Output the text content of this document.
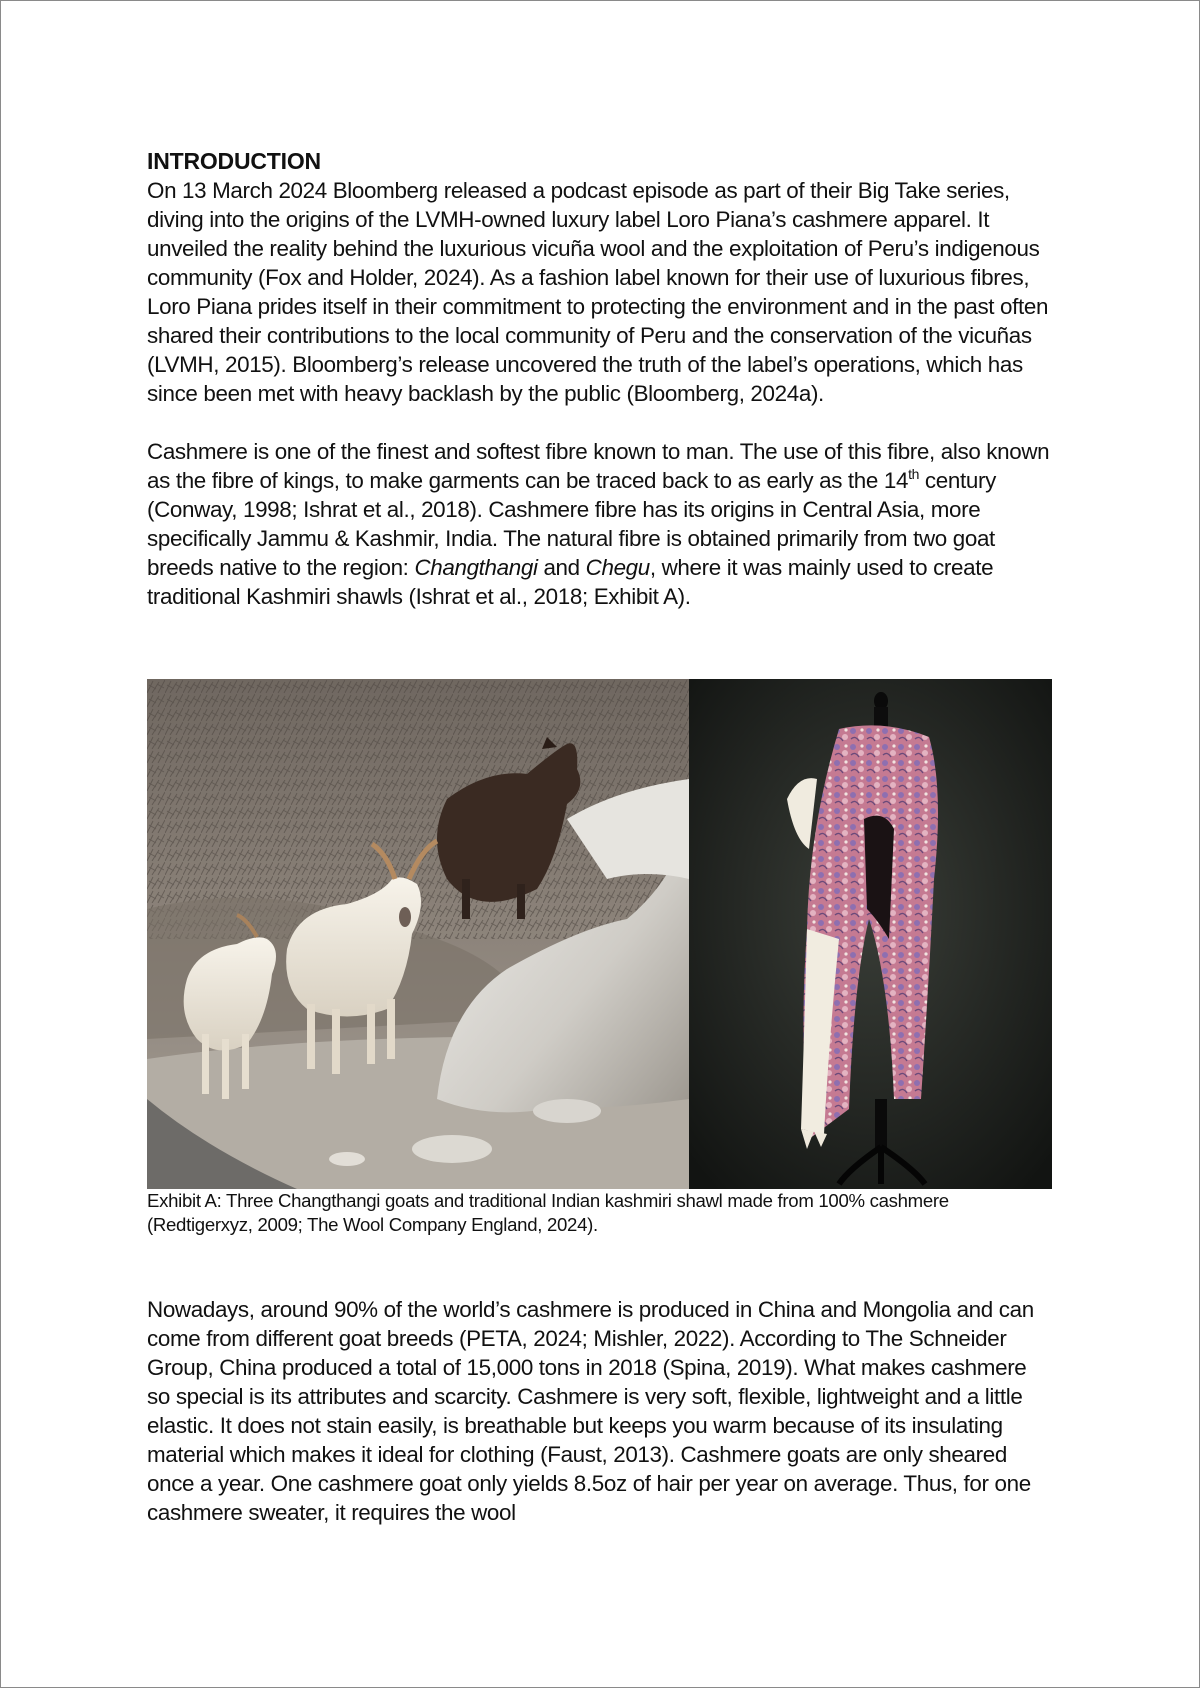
INTRODUCTION

On 13 March 2024 Bloomberg released a podcast episode as part of their Big Take series, diving into the origins of the LVMH-owned luxury label Loro Piana’s cashmere apparel. It unveiled the reality behind the luxurious vicuña wool and the exploitation of Peru’s indigenous community (Fox and Holder, 2024). As a fashion label known for their use of luxurious fibres, Loro Piana prides itself in their commitment to protecting the environment and in the past often shared their contributions to the local community of Peru and the conservation of the vicuñas (LVMH, 2015). Bloomberg’s release uncovered the truth of the label’s operations, which has since been met with heavy backlash by the public (Bloomberg, 2024a).

Cashmere is one of the finest and softest fibre known to man. The use of this fibre, also known as the fibre of kings, to make garments can be traced back to as early as the 14th century (Conway, 1998; Ishrat et al., 2018). Cashmere fibre has its origins in Central Asia, more specifically Jammu & Kashmir, India. The natural fibre is obtained primarily from two goat breeds native to the region: Changthangi and Chegu, where it was mainly used to create traditional Kashmiri shawls (Ishrat et al., 2018; Exhibit A).

Exhibit A: Three Changthangi goats and traditional Indian kashmiri shawl made from 100% cashmere (Redtigerxyz, 2009; The Wool Company England, 2024).

Nowadays, around 90% of the world’s cashmere is produced in China and Mongolia and can come from different goat breeds (PETA, 2024; Mishler, 2022). According to The Schneider Group, China produced a total of 15,000 tons in 2018 (Spina, 2019). What makes cashmere so special is its attributes and scarcity. Cashmere is very soft, flexible, lightweight and a little elastic. It does not stain easily, is breathable but keeps you warm because of its insulating material which makes it ideal for clothing (Faust, 2013). Cashmere goats are only sheared once a year. One cashmere goat only yields 8.5oz of hair per year on average. Thus, for one cashmere sweater, it requires the wool
